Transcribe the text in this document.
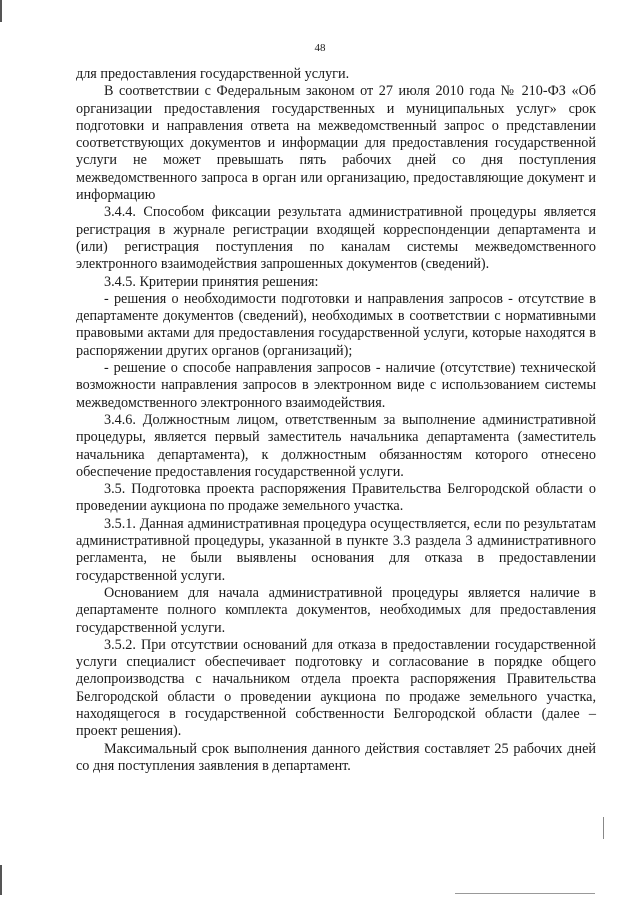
48

для предоставления государственной услуги.

В соответствии с Федеральным законом от 27 июля 2010 года № 210-ФЗ «Об организации предоставления государственных и муниципальных услуг» срок подготовки и направления ответа на межведомственный запрос о представлении соответствующих документов и информации для предоставления государственной услуги не может превышать пять рабочих дней со дня поступления межведомственного запроса в орган или организацию, предоставляющие документ и информацию

3.4.4. Способом фиксации результата административной процедуры является регистрация в журнале регистрации входящей корреспонденции департамента и (или) регистрация поступления по каналам системы межведомственного электронного взаимодействия запрошенных документов (сведений).

3.4.5. Критерии принятия решения:

- решения о необходимости подготовки и направления запросов - отсутствие в департаменте документов (сведений), необходимых в соответствии с нормативными правовыми актами для предоставления государственной услуги, которые находятся в распоряжении других органов (организаций);

- решение о способе направления запросов - наличие (отсутствие) технической возможности направления запросов в электронном виде с использованием системы межведомственного электронного взаимодействия.

3.4.6. Должностным лицом, ответственным за выполнение административной процедуры, является первый заместитель начальника департамента (заместитель начальника департамента), к должностным обязанностям которого отнесено обеспечение предоставления государственной услуги.

3.5. Подготовка проекта распоряжения Правительства Белгородской области о проведении аукциона по продаже земельного участка.

3.5.1. Данная административная процедура осуществляется, если по результатам административной процедуры, указанной в пункте 3.3 раздела 3 административного регламента, не были выявлены основания для отказа в предоставлении государственной услуги.

Основанием для начала административной процедуры является наличие в департаменте полного комплекта документов, необходимых для предоставления государственной услуги.

3.5.2. При отсутствии оснований для отказа в предоставлении государственной услуги специалист обеспечивает подготовку и согласование в порядке общего делопроизводства с начальником отдела проекта распоряжения Правительства Белгородской области о проведении аукциона по продаже земельного участка, находящегося в государственной собственности Белгородской области (далее – проект решения).

Максимальный срок выполнения данного действия составляет 25 рабочих дней со дня поступления заявления в департамент.
